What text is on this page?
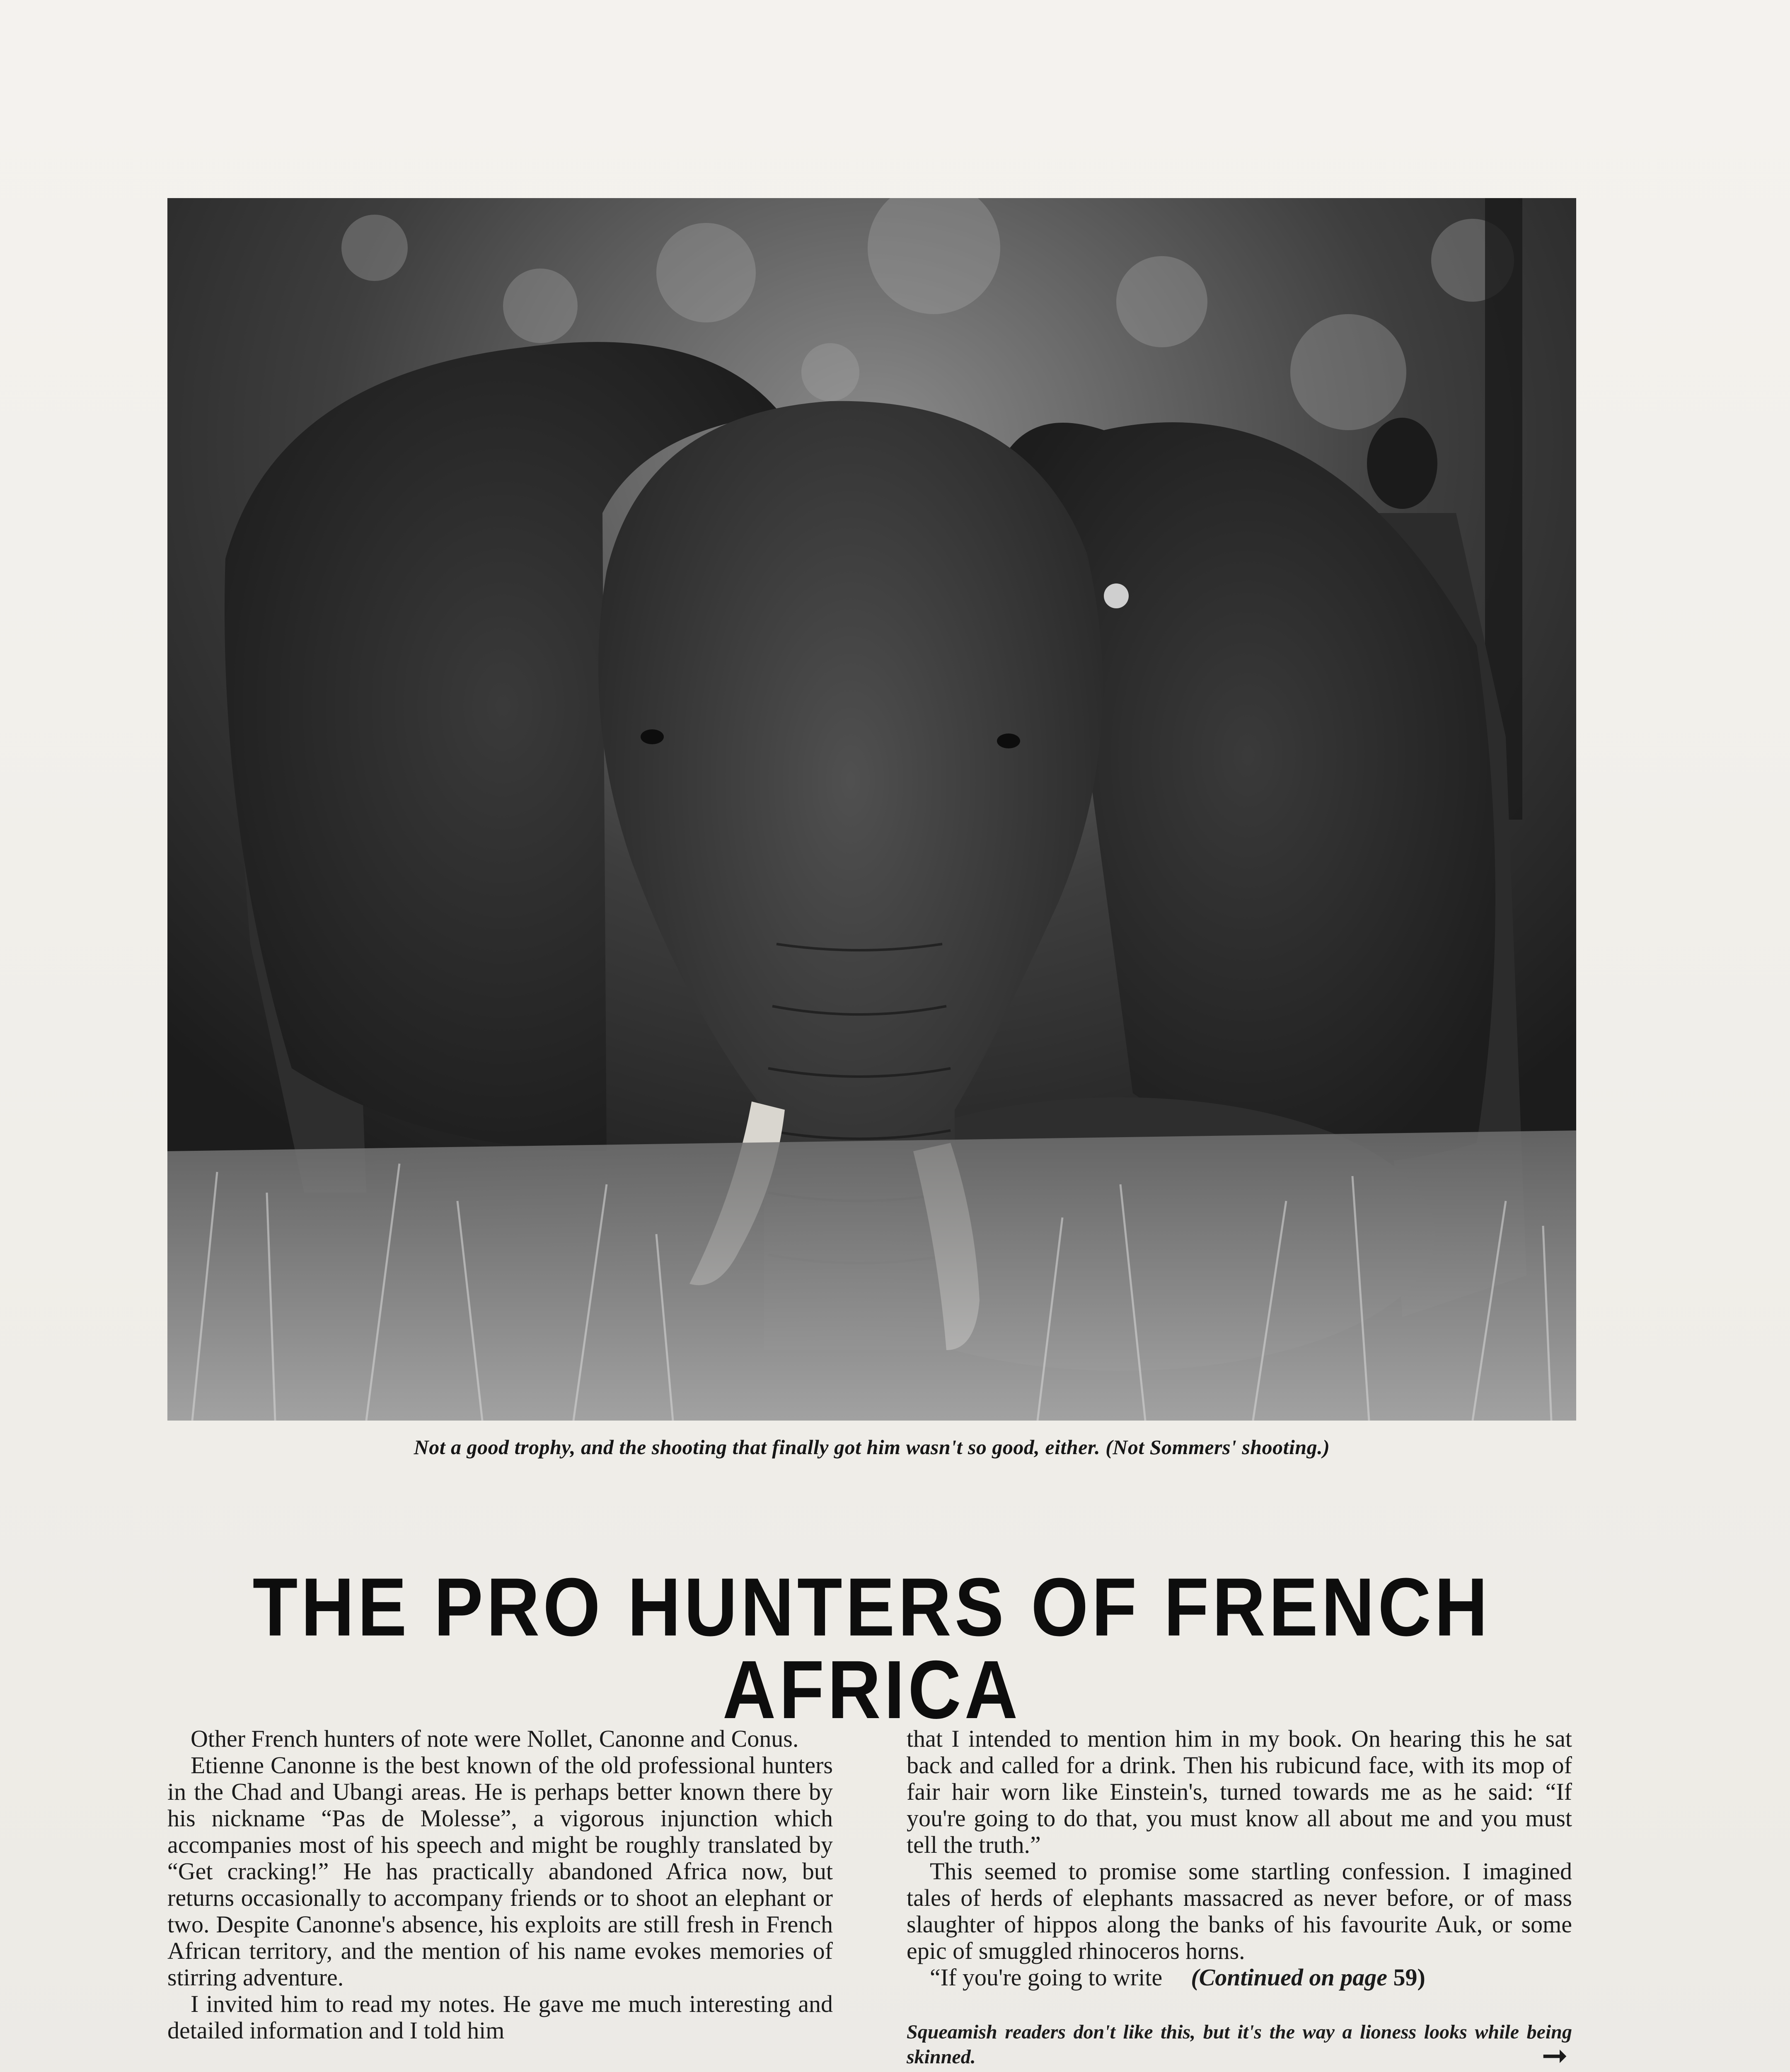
Not a good trophy, and the shooting that finally got him wasn't so good, either. (Not Sommers' shooting.)
THE PRO HUNTERS OF FRENCH AFRICA

Other French hunters of note were Nollet, Canonne and Conus.

Etienne Canonne is the best known of the old professional hunters in the Chad and Ubangi areas. He is perhaps better known there by his nickname “Pas de Molesse”, a vigorous injunction which accompanies most of his speech and might be roughly translated by “Get cracking!” He has practically abandoned Africa now, but returns occasionally to accompany friends or to shoot an elephant or two. Despite Canonne's absence, his exploits are still fresh in French African territory, and the mention of his name evokes memories of stirring adventure.

I invited him to read my notes. He gave me much interesting and detailed information and I told him

that I intended to mention him in my book. On hearing this he sat back and called for a drink. Then his rubicund face, with its mop of fair hair worn like Einstein's, turned towards me as he said: “If you're going to do that, you must know all about me and you must tell the truth.”

This seemed to promise some startling confession. I imagined tales of herds of elephants massacred as never before, or of mass slaughter of hippos along the banks of his favourite Auk, or some epic of smuggled rhinoceros horns.

“If you're going to write (Continued on page 59)

Squeamish readers don't like this, but it's the way a lioness looks while being skinned.	➞
